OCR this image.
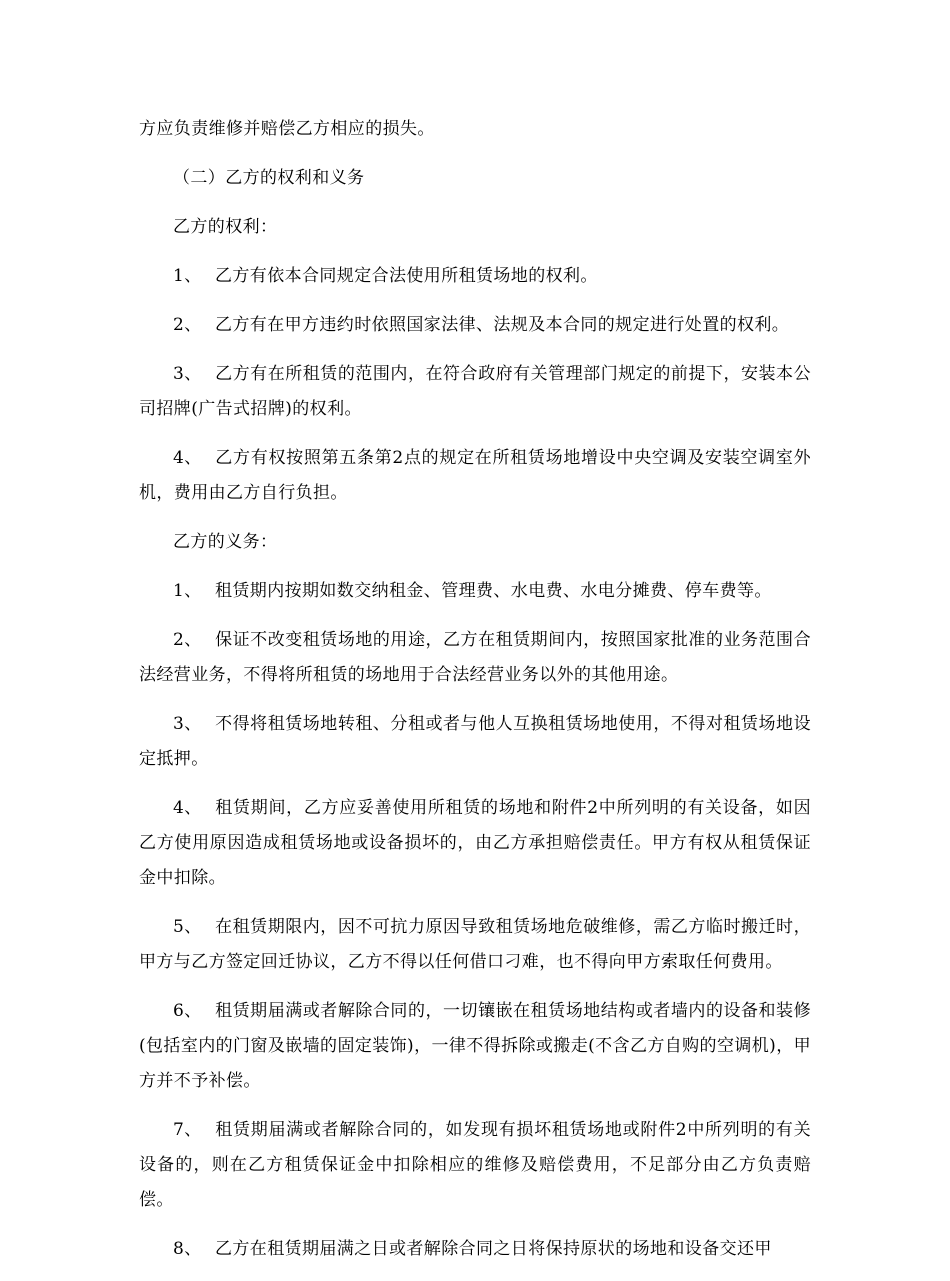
方应负责维修并赔偿乙方相应的损失。

（二）乙方的权利和义务

乙方的权利：

1、 乙方有依本合同规定合法使用所租赁场地的权利。

2、 乙方有在甲方违约时依照国家法律、法规及本合同的规定进行处置的权利。

3、 乙方有在所租赁的范围内，在符合政府有关管理部门规定的前提下，安装本公司招牌(广告式招牌)的权利。

4、 乙方有权按照第五条第2点的规定在所租赁场地增设中央空调及安装空调室外机，费用由乙方自行负担。

乙方的义务：

1、 租赁期内按期如数交纳租金、管理费、水电费、水电分摊费、停车费等。

2、 保证不改变租赁场地的用途，乙方在租赁期间内，按照国家批准的业务范围合法经营业务，不得将所租赁的场地用于合法经营业务以外的其他用途。

3、 不得将租赁场地转租、分租或者与他人互换租赁场地使用，不得对租赁场地设定抵押。

4、 租赁期间，乙方应妥善使用所租赁的场地和附件2中所列明的有关设备，如因乙方使用原因造成租赁场地或设备损坏的，由乙方承担赔偿责任。甲方有权从租赁保证金中扣除。

5、 在租赁期限内，因不可抗力原因导致租赁场地危破维修，需乙方临时搬迁时，甲方与乙方签定回迁协议，乙方不得以任何借口刁难，也不得向甲方索取任何费用。

6、 租赁期届满或者解除合同的，一切镶嵌在租赁场地结构或者墙内的设备和装修(包括室内的门窗及嵌墙的固定装饰)，一律不得拆除或搬走(不含乙方自购的空调机)，甲方并不予补偿。

7、 租赁期届满或者解除合同的，如发现有损坏租赁场地或附件2中所列明的有关设备的，则在乙方租赁保证金中扣除相应的维修及赔偿费用，不足部分由乙方负责赔偿。

8、 乙方在租赁期届满之日或者解除合同之日将保持原状的场地和设备交还甲
